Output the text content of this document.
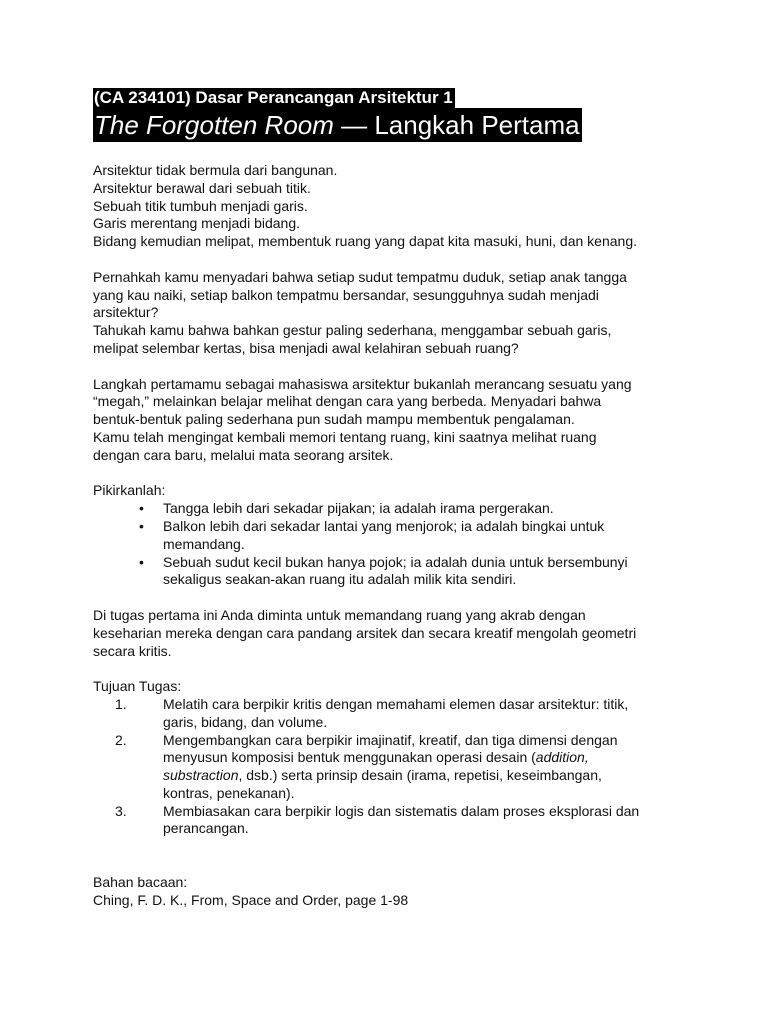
(CA 234101) Dasar Perancangan Arsitektur 1
The Forgotten Room — Langkah Pertama

Arsitektur tidak bermula dari bangunan.

Arsitektur berawal dari sebuah titik.

Sebuah titik tumbuh menjadi garis.

Garis merentang menjadi bidang.

Bidang kemudian melipat, membentuk ruang yang dapat kita masuki, huni, dan kenang.

Pernahkah kamu menyadari bahwa setiap sudut tempatmu duduk, setiap anak tangga

yang kau naiki, setiap balkon tempatmu bersandar, sesungguhnya sudah menjadi

arsitektur?

Tahukah kamu bahwa bahkan gestur paling sederhana, menggambar sebuah garis,

melipat selembar kertas, bisa menjadi awal kelahiran sebuah ruang?

Langkah pertamamu sebagai mahasiswa arsitektur bukanlah merancang sesuatu yang

“megah,” melainkan belajar melihat dengan cara yang berbeda. Menyadari bahwa

bentuk-bentuk paling sederhana pun sudah mampu membentuk pengalaman.

Kamu telah mengingat kembali memori tentang ruang, kini saatnya melihat ruang

dengan cara baru, melalui mata seorang arsitek.

Pikirkanlah:

• Tangga lebih dari sekadar pijakan; ia adalah irama pergerakan.
• Balkon lebih dari sekadar lantai yang menjorok; ia adalah bingkai untuk
memandang.
• Sebuah sudut kecil bukan hanya pojok; ia adalah dunia untuk bersembunyi
sekaligus seakan-akan ruang itu adalah milik kita sendiri.

Di tugas pertama ini Anda diminta untuk memandang ruang yang akrab dengan

keseharian mereka dengan cara pandang arsitek dan secara kreatif mengolah geometri

secara kritis.

Tujuan Tugas:

1.	Melatih cara berpikir kritis dengan memahami elemen dasar arsitektur: titik,
garis, bidang, dan volume.
2.	Mengembangkan cara berpikir imajinatif, kreatif, dan tiga dimensi dengan
menyusun komposisi bentuk menggunakan operasi desain (addition,
substraction, dsb.) serta prinsip desain (irama, repetisi, keseimbangan,
kontras, penekanan).
3.	Membiasakan cara berpikir logis dan sistematis dalam proses eksplorasi dan
perancangan.

Bahan bacaan:

Ching, F. D. K., From, Space and Order, page 1-98
